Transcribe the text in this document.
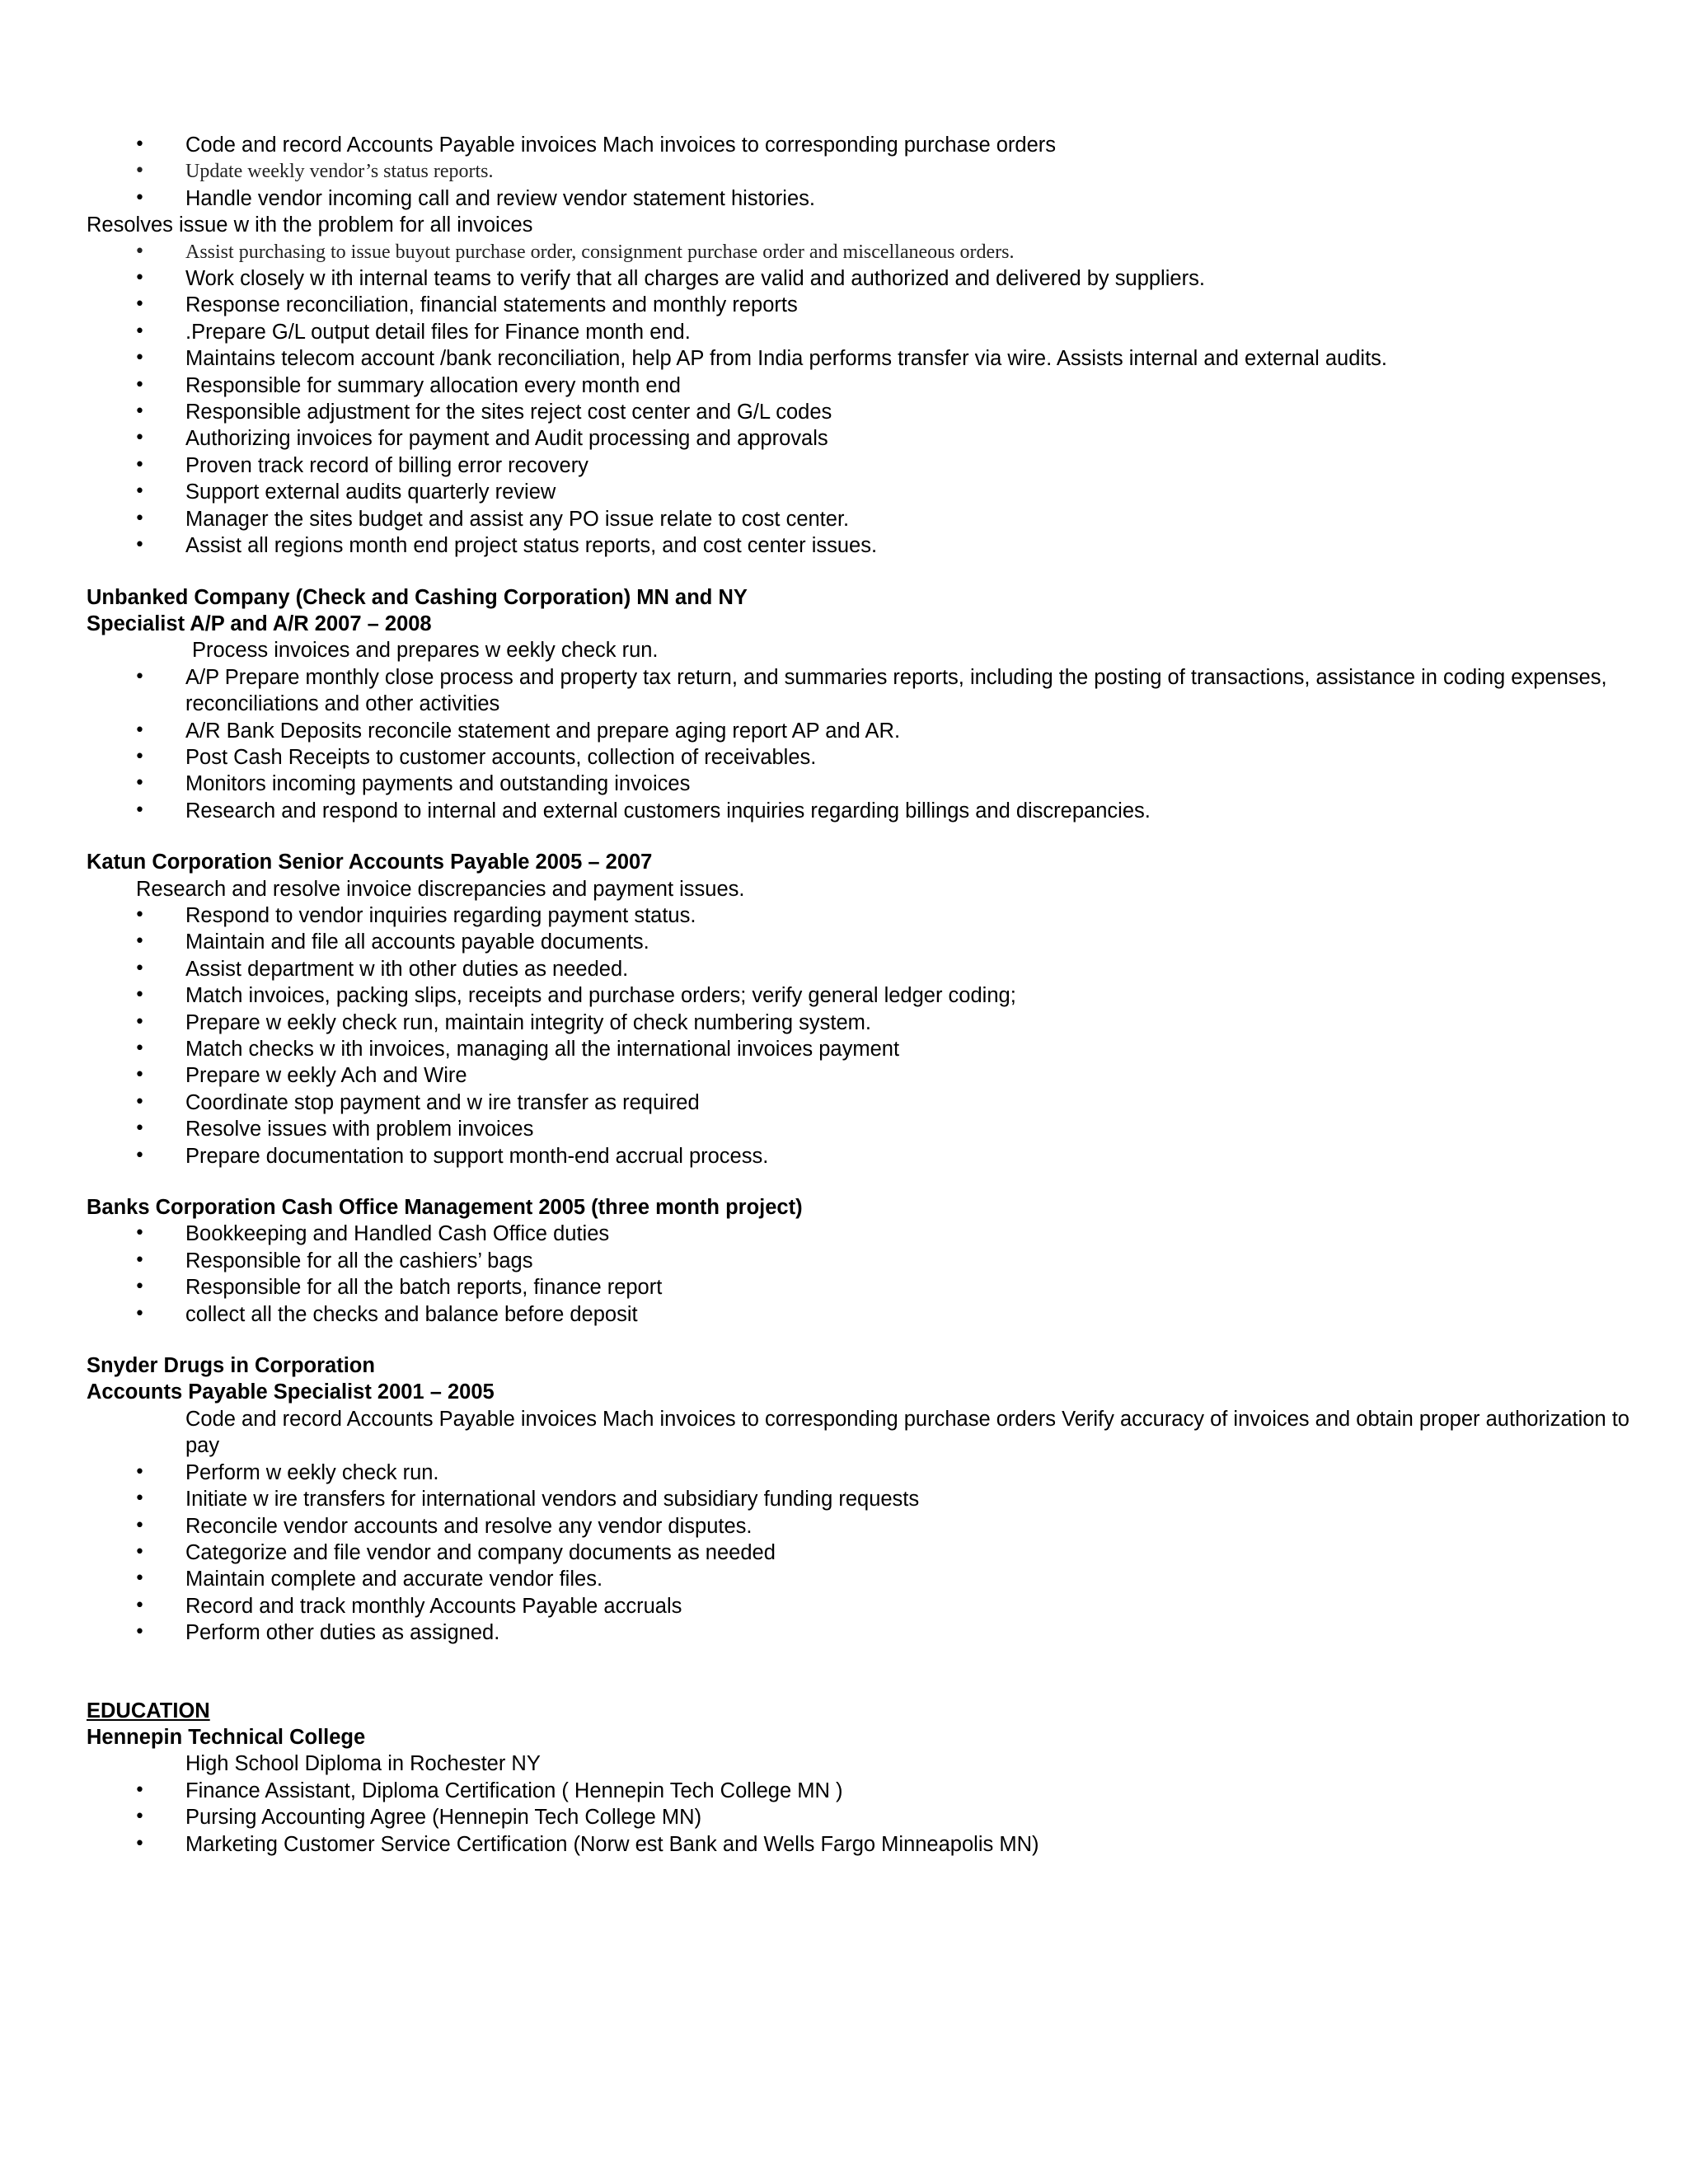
• Code and record Accounts Payable invoices Mach invoices to corresponding purchase orders
• Update weekly vendor’s status reports.
• Handle vendor incoming call and review vendor statement histories.
Resolves issue w ith the problem for all invoices
• Assist purchasing to issue buyout purchase order, consignment purchase order and miscellaneous orders.
• Work closely w ith internal teams to verify that all charges are valid and authorized and delivered by suppliers.
• Response reconciliation, financial statements and monthly reports
• .Prepare G/L output detail files for Finance month end.
• Maintains telecom account /bank reconciliation, help AP from India performs transfer via wire. Assists internal and external audits.
• Responsible for summary allocation every month end
• Responsible adjustment for the sites reject cost center and G/L codes
• Authorizing invoices for payment and Audit processing and approvals
• Proven track record of billing error recovery
• Support external audits quarterly review
• Manager the sites budget and assist any PO issue relate to cost center.
• Assist all regions month end project status reports, and cost center issues.
Unbanked Company (Check and Cashing Corporation) MN and NY
Specialist A/P and A/R 2007 – 2008
Process invoices and prepares w eekly check run.
• A/P Prepare monthly close process and property tax return, and summaries reports, including the posting of transactions, assistance in coding expenses, reconciliations and other activities
• A/R Bank Deposits reconcile statement and prepare aging report AP and AR.
• Post Cash Receipts to customer accounts, collection of receivables.
• Monitors incoming payments and outstanding invoices
• Research and respond to internal and external customers inquiries regarding billings and discrepancies.
Katun Corporation Senior Accounts Payable 2005 – 2007
Research and resolve invoice discrepancies and payment issues.
• Respond to vendor inquiries regarding payment status.
• Maintain and file all accounts payable documents.
• Assist department w ith other duties as needed.
• Match invoices, packing slips, receipts and purchase orders; verify general ledger coding;
• Prepare w eekly check run, maintain integrity of check numbering system.
• Match checks w ith invoices, managing all the international invoices payment
• Prepare w eekly Ach and Wire
• Coordinate stop payment and w ire transfer as required
• Resolve issues with problem invoices
• Prepare documentation to support month-end accrual process.
Banks Corporation Cash Office Management 2005 (three month project)
• Bookkeeping and Handled Cash Office duties
• Responsible for all the cashiers’ bags
• Responsible for all the batch reports, finance report
• collect all the checks and balance before deposit
Snyder Drugs in Corporation
Accounts Payable Specialist 2001 – 2005
Code and record Accounts Payable invoices Mach invoices to corresponding purchase orders Verify accuracy of invoices and obtain proper authorization to pay
• Perform w eekly check run.
• Initiate w ire transfers for international vendors and subsidiary funding requests
• Reconcile vendor accounts and resolve any vendor disputes.
• Categorize and file vendor and company documents as needed
• Maintain complete and accurate vendor files.
• Record and track monthly Accounts Payable accruals
• Perform other duties as assigned.
EDUCATION
Hennepin Technical College
High School Diploma in Rochester NY
• Finance Assistant, Diploma Certification ( Hennepin Tech College MN )
• Pursing Accounting Agree (Hennepin Tech College MN)
• Marketing Customer Service Certification (Norw est Bank and Wells Fargo Minneapolis MN)
